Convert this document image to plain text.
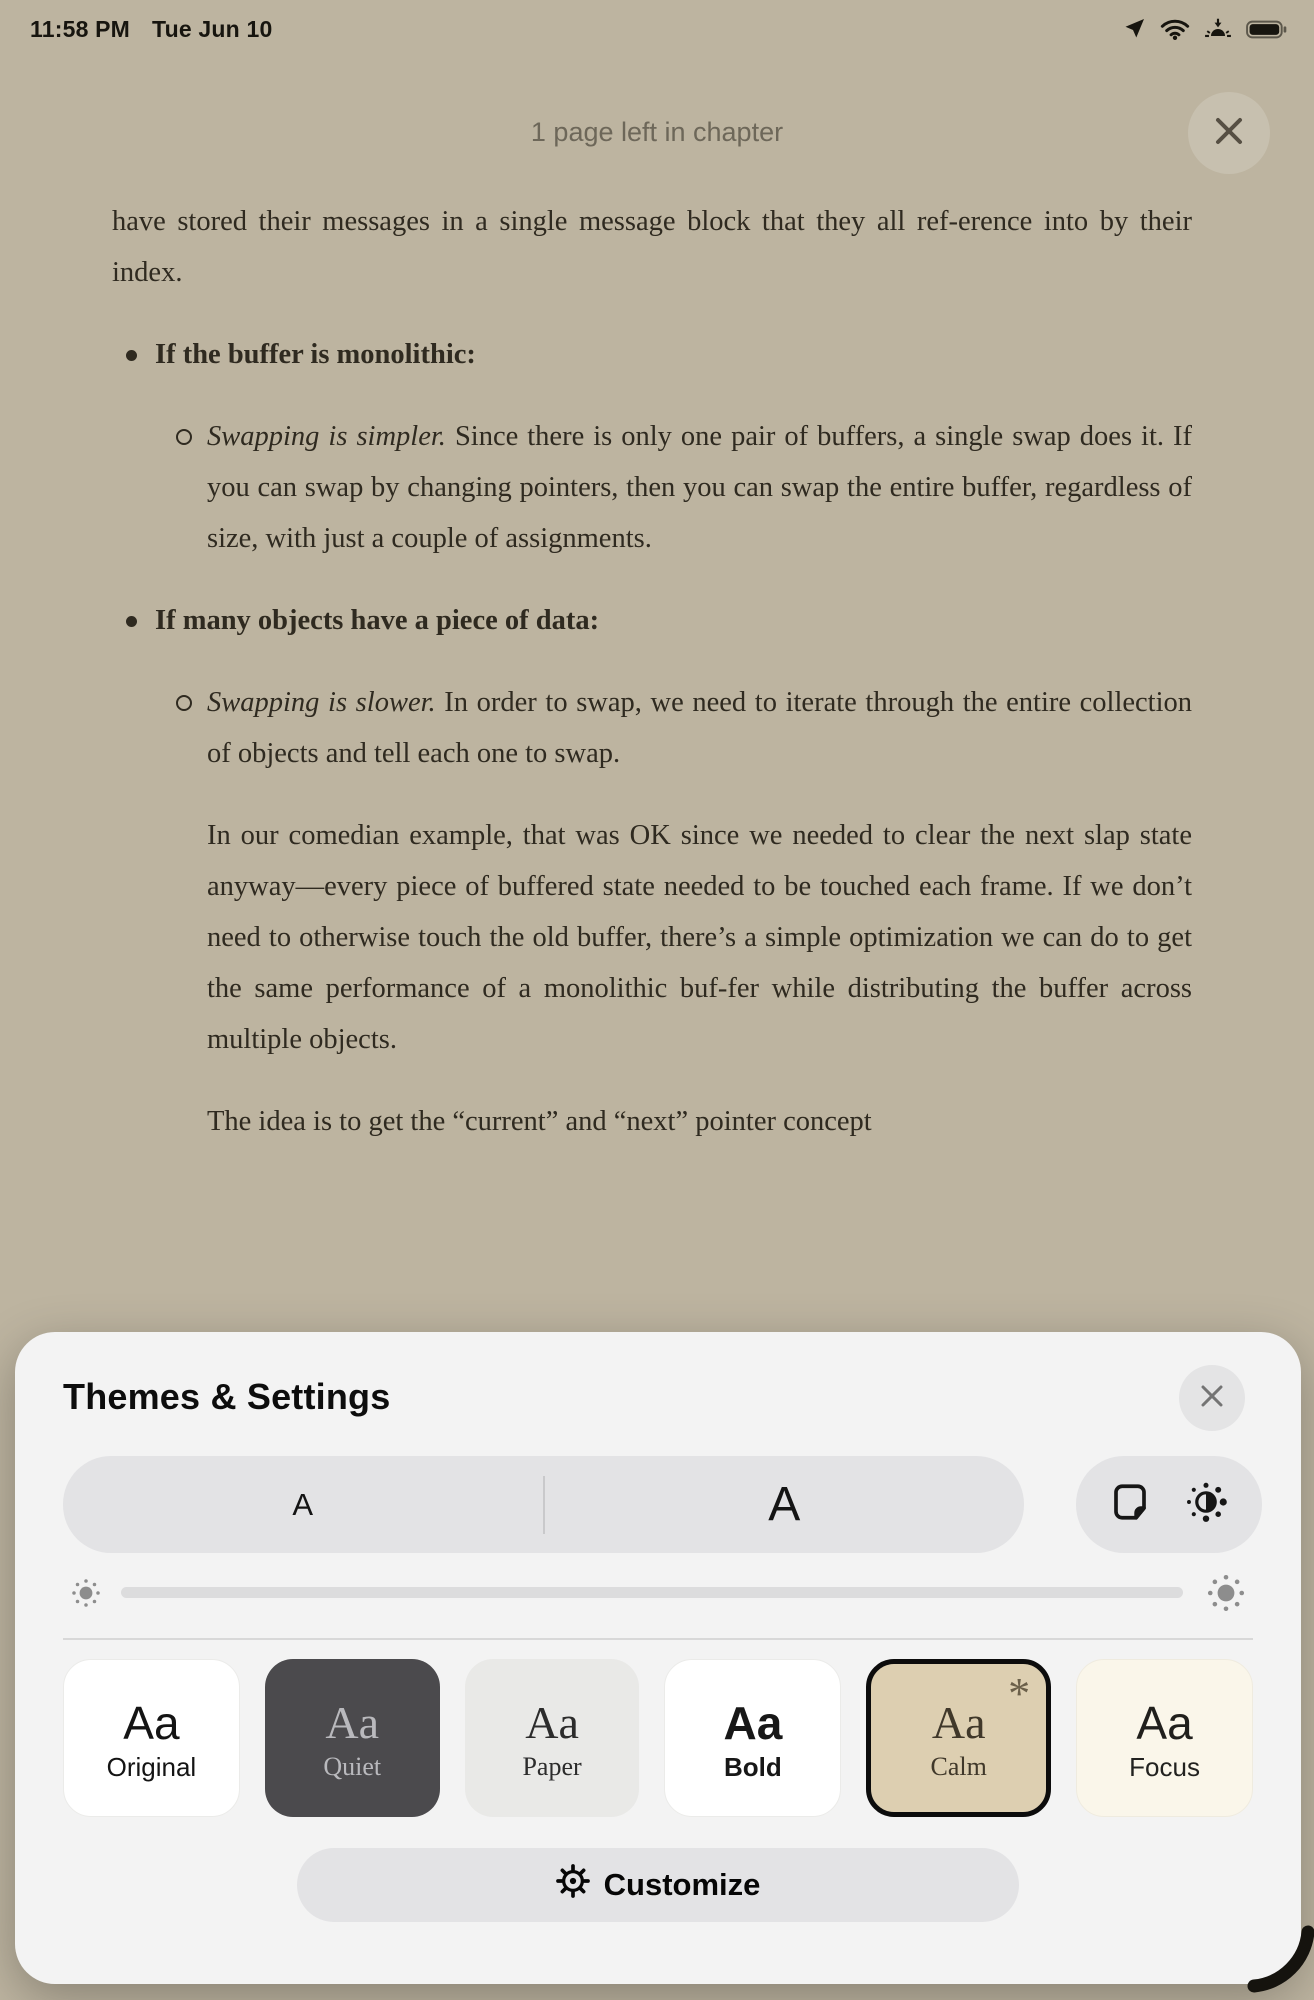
11:58 PM Tue Jun 10
1 page left in chapter

have stored their messages in a single message block that they all ref-erence into by their index.

If the buffer is monolithic:
Swapping is simpler. Since there is only one pair of buffers, a single swap does it. If you can swap by changing pointers, then you can swap the entire buffer, regardless of size, with just a couple of assignments.
If many objects have a piece of data:
Swapping is slower. In order to swap, we need to iterate through the entire collection of objects and tell each one to swap.

In our comedian example, that was OK since we needed to clear the next slap state anyway—every piece of buffered state needed to be touched each frame. If we don’t need to otherwise touch the old buffer, there’s a simple optimization we can do to get the same performance of a monolithic buf-fer while distributing the buffer across multiple objects.

The idea is to get the “current” and “next” pointer concept

Themes & Settings
A	A
Aa
Original
Aa
Quiet
Aa
Paper
Aa
Bold
*
Aa
Calm
Aa
Focus
Customize
